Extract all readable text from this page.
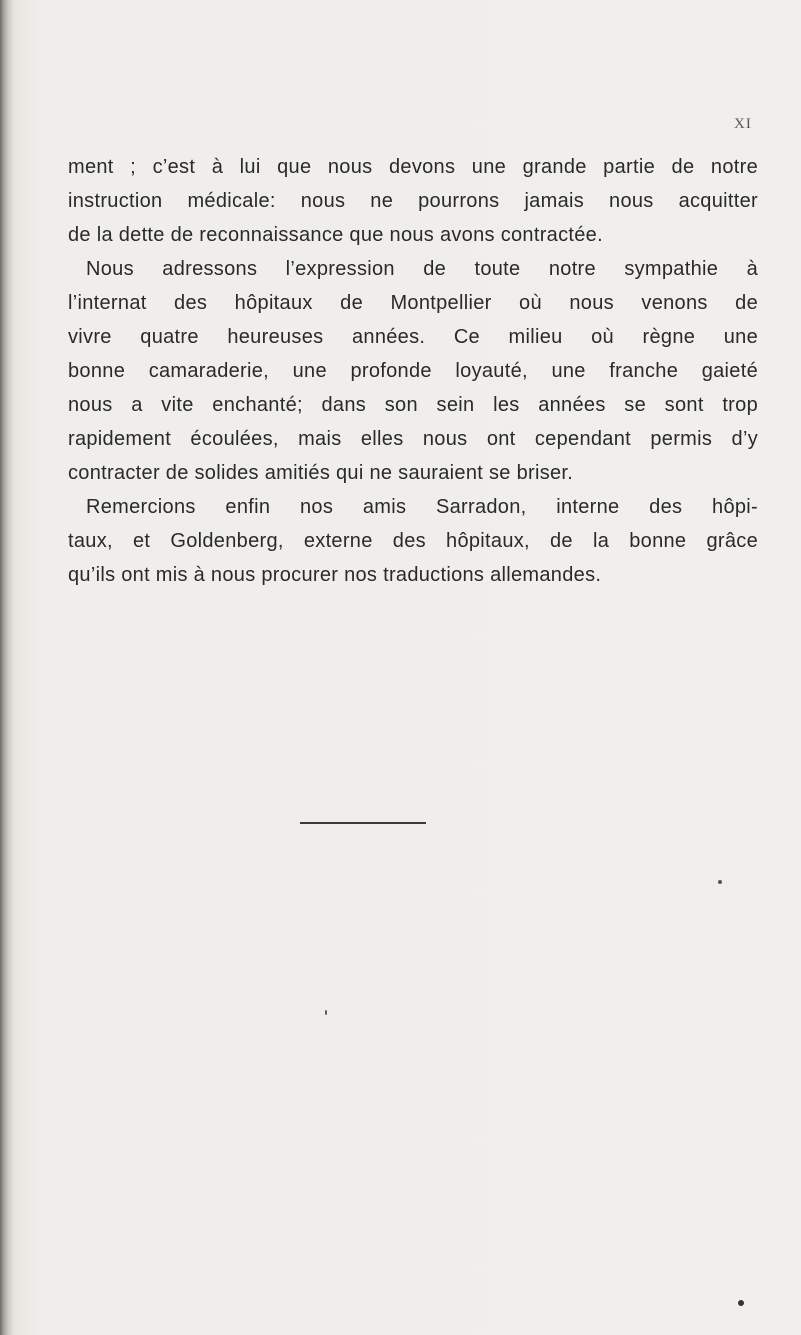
XI
ment ; c’est à lui que nous devons une grande partie de notre
instruction médicale: nous ne pourrons jamais nous acquitter
de la dette de reconnaissance que nous avons contractée.
Nous adressons l’expression de toute notre sympathie à
l’internat des hôpitaux de Montpellier où nous venons de
vivre quatre heureuses années. Ce milieu où règne une
bonne camaraderie, une profonde loyauté, une franche gaieté
nous a vite enchanté; dans son sein les années se sont trop
rapidement écoulées, mais elles nous ont cependant permis d’y
contracter de solides amitiés qui ne sauraient se briser.
Remercions enfin nos amis Sarradon, interne des hôpi-
taux, et Goldenberg, externe des hôpitaux, de la bonne grâce
qu’ils ont mis à nous procurer nos traductions allemandes.
